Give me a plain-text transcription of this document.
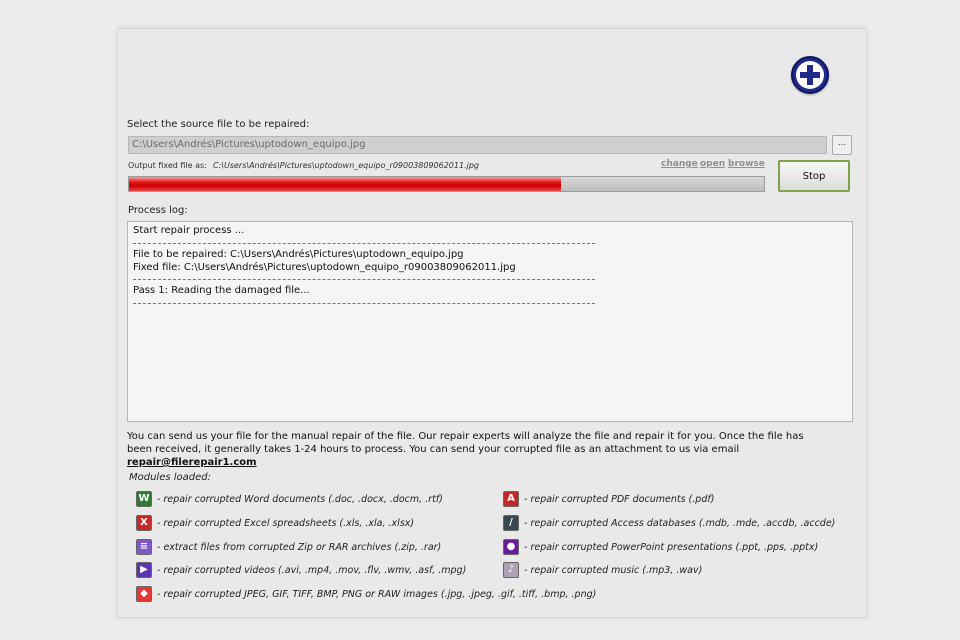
Select the source file to be repaired:
C:\Users\Andrés\Pictures\uptodown_equipo.jpg	...
Output fixed file as: C:\Users\Andrés\Pictures\uptodown_equipo_r09003809062011.jpg	change open browse
Stop
Process log:
Start repair process ...
File to be repaired: C:\Users\Andrés\Pictures\uptodown_equipo.jpg
Fixed file: C:\Users\Andrés\Pictures\uptodown_equipo_r09003809062011.jpg
Pass 1: Reading the damaged file...
You can send us your file for the manual repair of the file. Our repair experts will analyze the file and repair it for you. Once the file has been received, it generally takes 1-24 hours to process. You can send your corrupted file as an attachment to us via email repair@filerepair1.com
Modules loaded:
W - repair corrupted Word documents (.doc, .docx, .docm, .rtf)	A - repair corrupted PDF documents (.pdf)
X - repair corrupted Excel spreadsheets (.xls, .xla, .xlsx)	/	- repair corrupted Access databases (.mdb, .mde, .accdb, .accde)
≡ - extract files from corrupted Zip or RAR archives (.zip, .rar)	● - repair corrupted PowerPoint presentations (.ppt, .pps, .pptx)
▶ - repair corrupted videos (.avi, .mp4, .mov, .flv, .wmv, .asf, .mpg)	♪	- repair corrupted music (.mp3, .wav)
◆ - repair corrupted JPEG, GIF, TIFF, BMP, PNG or RAW images (.jpg, .jpeg, .gif, .tiff, .bmp, .png)
